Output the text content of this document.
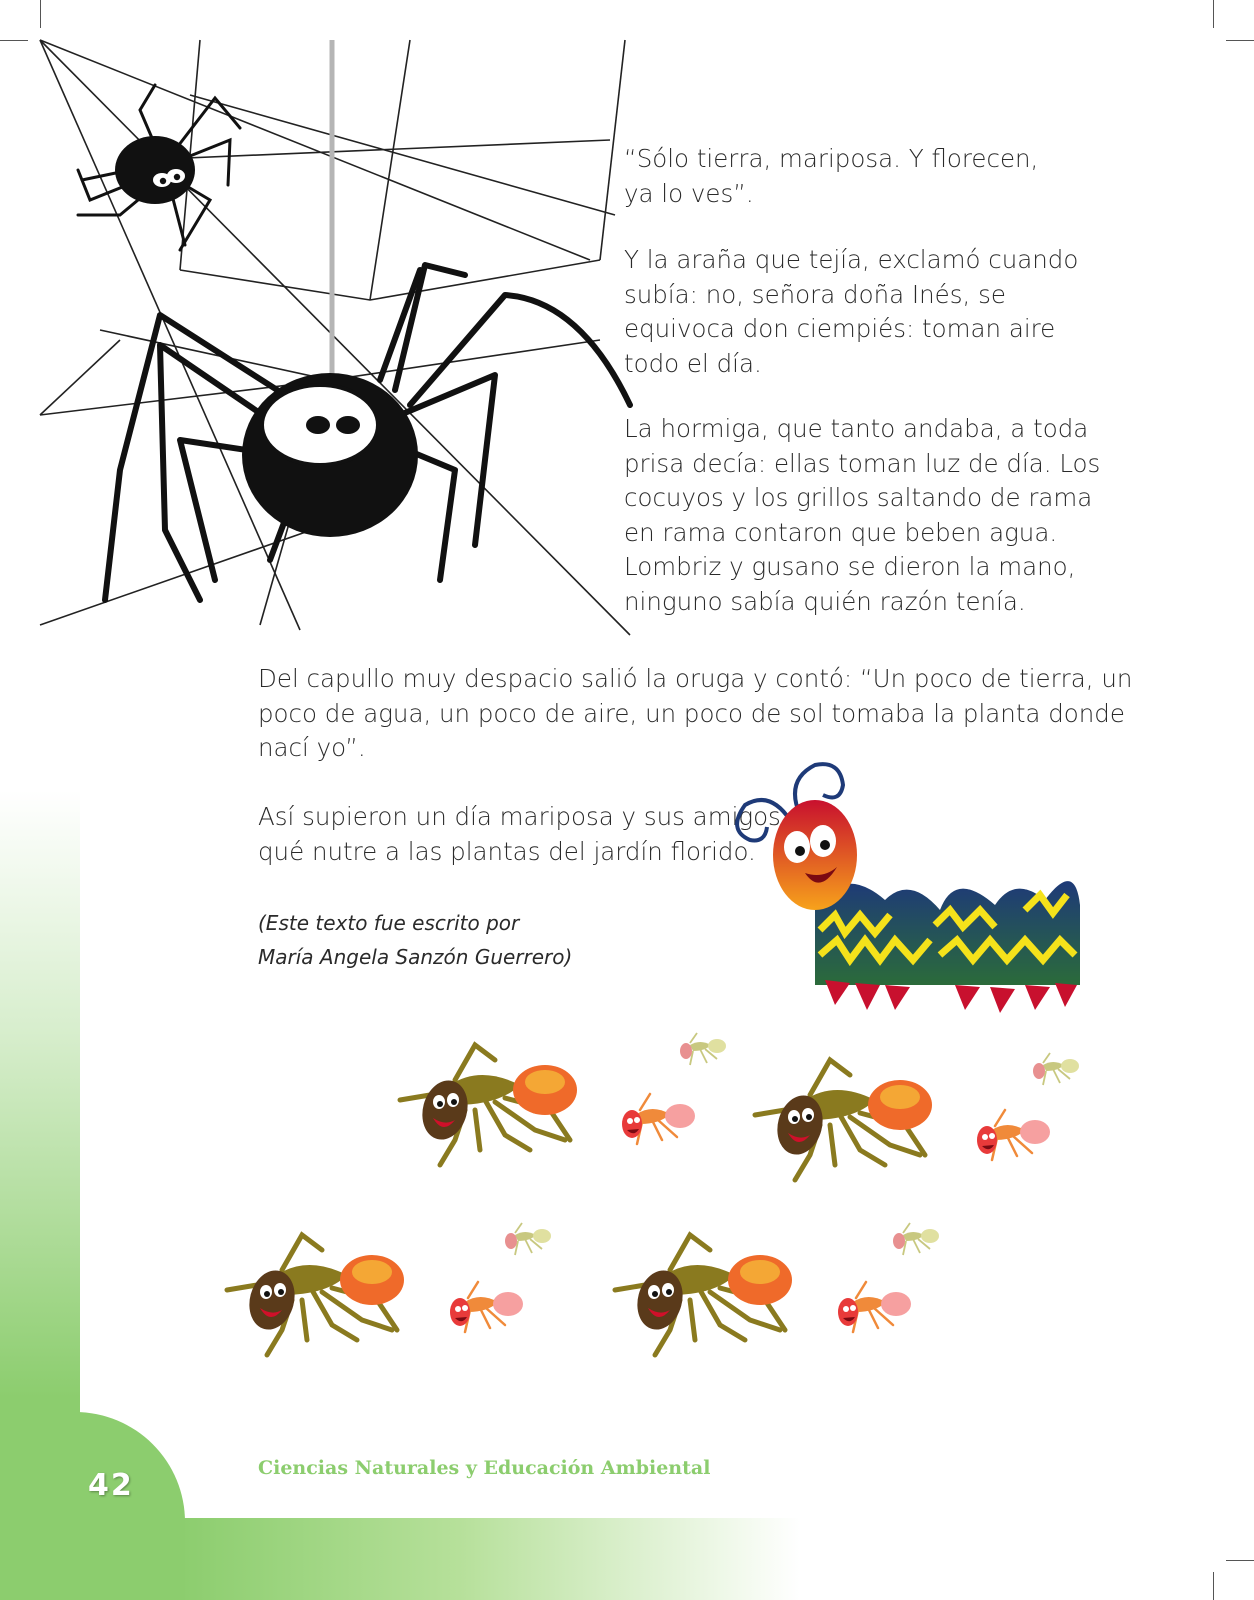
42	Ciencias Naturales y Educación Ambiental
“Sólo tierra, mariposa. Y florecen,
ya lo ves”.
Y la araña que tejía, exclamó cuando
subía: no, señora doña Inés, se
equivoca don ciempiés: toman aire
todo el día.
La hormiga, que tanto andaba, a toda
prisa decía: ellas toman luz de día. Los
cocuyos y los grillos saltando de rama
en rama contaron que beben agua.
Lombriz y gusano se dieron la mano,
ninguno sabía quién razón tenía.
Del capullo muy despacio salió la oruga y contó: “Un poco de tierra, un
poco de agua, un poco de aire, un poco de sol tomaba la planta donde
nací yo”.
Así supieron un día mariposa y sus amigos
qué nutre a las plantas del jardín florido.
(Este texto fue escrito por
María Angela Sanzón Guerrero)
